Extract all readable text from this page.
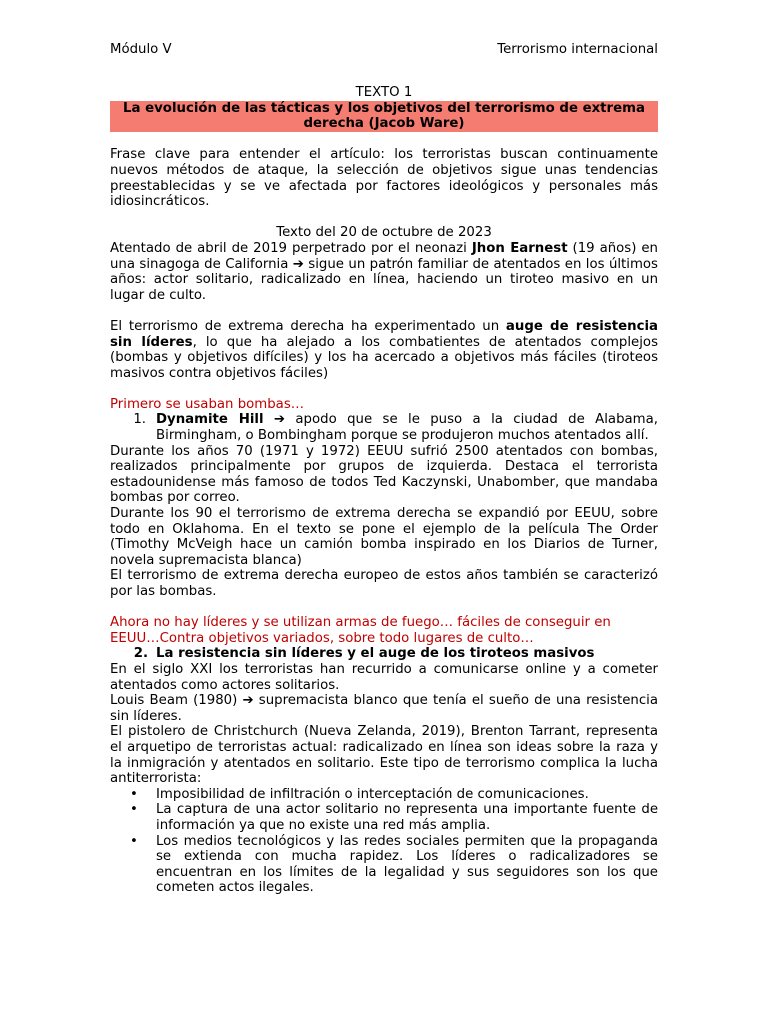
Módulo V	Terrorismo internacional

TEXTO 1

La evolución de las tácticas y los objetivos del terrorismo de extrema derecha (Jacob Ware)

Frase clave para entender el artículo: los terroristas buscan continuamente nuevos métodos de ataque, la selección de objetivos sigue unas tendencias preestablecidas y se ve afectada por factores ideológicos y personales más idiosincráticos.

Texto del 20 de octubre de 2023

Atentado de abril de 2019 perpetrado por el neonazi Jhon Earnest (19 años) en una sinagoga de California ➔ sigue un patrón familiar de atentados en los últimos años: actor solitario, radicalizado en línea, haciendo un tiroteo masivo en un lugar de culto.

El terrorismo de extrema derecha ha experimentado un auge de resistencia sin líderes, lo que ha alejado a los combatientes de atentados complejos (bombas y objetivos difíciles) y los ha acercado a objetivos más fáciles (tiroteos masivos contra objetivos fáciles)

Primero se usaban bombas…

1. Dynamite Hill ➔ apodo que se le puso a la ciudad de Alabama, Birmingham, o Bombingham porque se produjeron muchos atentados allí.

Durante los años 70 (1971 y 1972) EEUU sufrió 2500 atentados con bombas, realizados principalmente por grupos de izquierda. Destaca el terrorista estadounidense más famoso de todos Ted Kaczynski, Unabomber, que mandaba bombas por correo.

Durante los 90 el terrorismo de extrema derecha se expandió por EEUU, sobre todo en Oklahoma. En el texto se pone el ejemplo de la película The Order (Timothy McVeigh hace un camión bomba inspirado en los Diarios de Turner, novela supremacista blanca)

El terrorismo de extrema derecha europeo de estos años también se caracterizó por las bombas.

Ahora no hay líderes y se utilizan armas de fuego… fáciles de conseguir en EEUU…Contra objetivos variados, sobre todo lugares de culto…

2. La resistencia sin líderes y el auge de los tiroteos masivos

En el siglo XXI los terroristas han recurrido a comunicarse online y a cometer atentados como actores solitarios.

Louis Beam (1980) ➔ supremacista blanco que tenía el sueño de una resistencia sin líderes.

El pistolero de Christchurch (Nueva Zelanda, 2019), Brenton Tarrant, representa el arquetipo de terroristas actual: radicalizado en línea son ideas sobre la raza y la inmigración y atentados en solitario. Este tipo de terrorismo complica la lucha antiterrorista:

•	Imposibilidad de infiltración o interceptación de comunicaciones.
•	La captura de una actor solitario no representa una importante fuente de información ya que no existe una red más amplia.
•	Los medios tecnológicos y las redes sociales permiten que la propaganda se extienda con mucha rapidez. Los líderes o radicalizadores se encuentran en los límites de la legalidad y sus seguidores son los que cometen actos ilegales.
